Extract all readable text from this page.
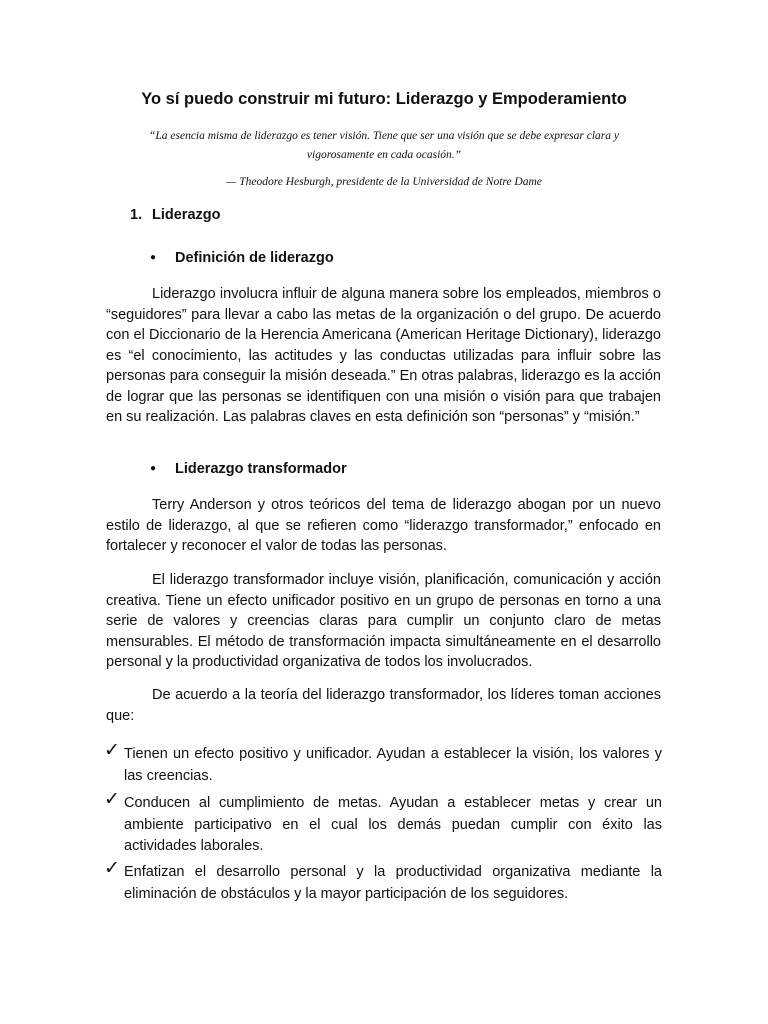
Yo sí puedo construir mi futuro: Liderazgo y Empoderamiento
“La esencia misma de liderazgo es tener visión. Tiene que ser una visión que se debe expresar clara y vigorosamente en cada ocasión.”
— Theodore Hesburgh, presidente de la Universidad de Notre Dame
1. Liderazgo
● Definición de liderazgo
Liderazgo involucra influir de alguna manera sobre los empleados, miembros o “seguidores” para llevar a cabo las metas de la organización o del grupo. De acuerdo con el Diccionario de la Herencia Americana (American Heritage Dictionary), liderazgo es “el conocimiento, las actitudes y las conductas utilizadas para influir sobre las personas para conseguir la misión deseada.” En otras palabras, liderazgo es la acción de lograr que las personas se identifiquen con una misión o visión para que trabajen en su realización. Las palabras claves en esta definición son “personas” y “misión.”
● Liderazgo transformador
Terry Anderson y otros teóricos del tema de liderazgo abogan por un nuevo estilo de liderazgo, al que se refieren como “liderazgo transformador,” enfocado en fortalecer y reconocer el valor de todas las personas.
El liderazgo transformador incluye visión, planificación, comunicación y acción creativa. Tiene un efecto unificador positivo en un grupo de personas en torno a una serie de valores y creencias claras para cumplir un conjunto claro de metas mensurables. El método de transformación impacta simultáneamente en el desarrollo personal y la productividad organizativa de todos los involucrados.
De acuerdo a la teoría del liderazgo transformador, los líderes toman acciones que:
✓ Tienen un efecto positivo y unificador. Ayudan a establecer la visión, los valores y las creencias.
✓ Conducen al cumplimiento de metas. Ayudan a establecer metas y crear un ambiente participativo en el cual los demás puedan cumplir con éxito las actividades laborales.
✓ Enfatizan el desarrollo personal y la productividad organizativa mediante la eliminación de obstáculos y la mayor participación de los seguidores.
